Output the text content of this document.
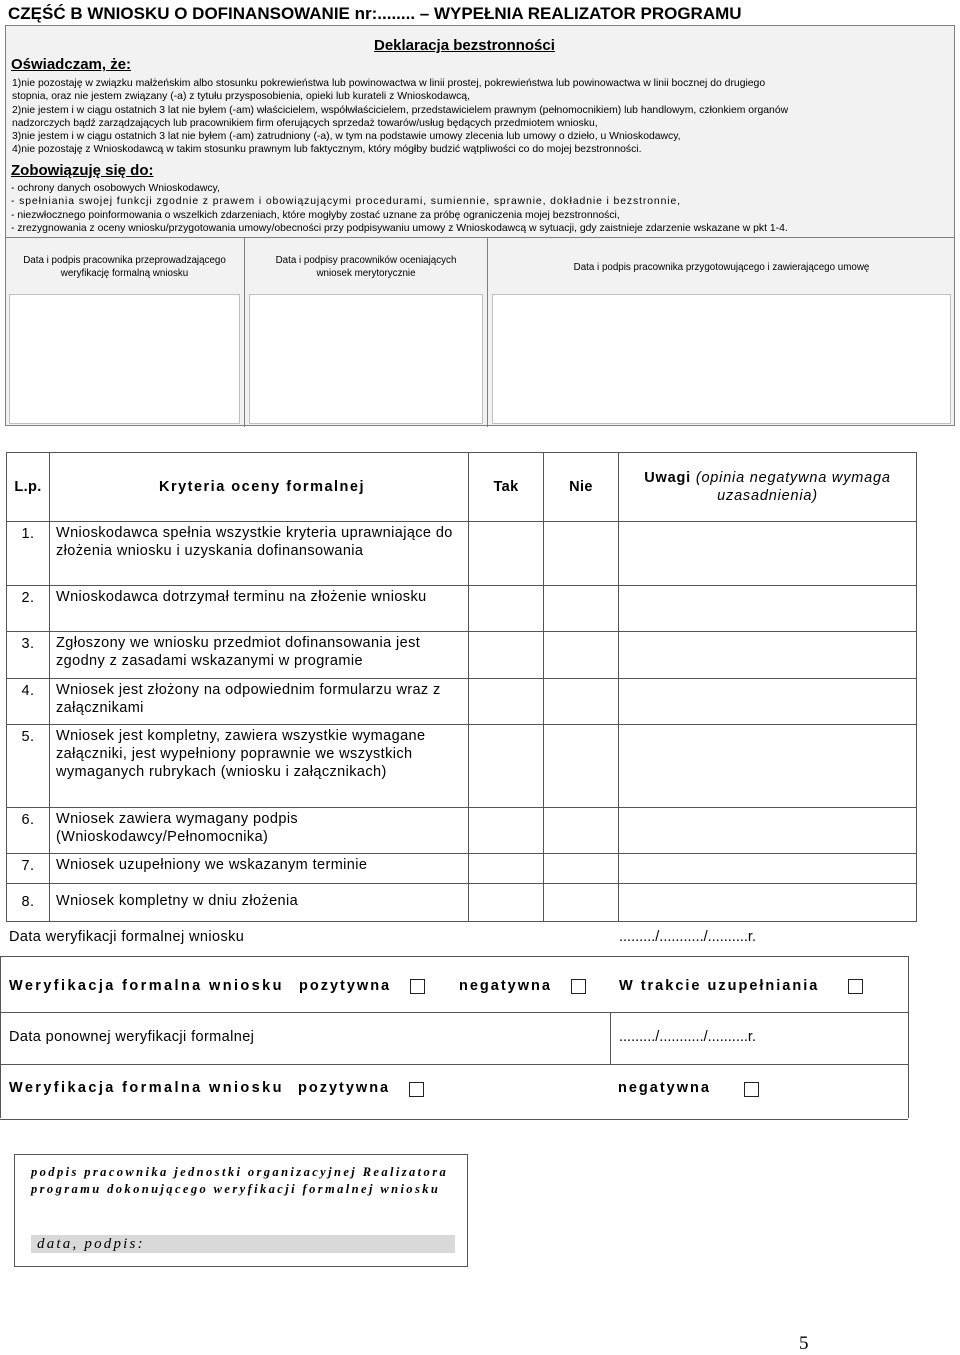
CZĘŚĆ B WNIOSKU O DOFINANSOWANIE nr:........ – WYPEŁNIA REALIZATOR PROGRAMU
Deklaracja bezstronności
Oświadczam, że:
1)nie pozostaję w związku małżeńskim albo stosunku pokrewieństwa lub powinowactwa w linii prostej, pokrewieństwa lub powinowactwa w linii bocznej do drugiego
stopnia, oraz nie jestem związany (-a) z tytułu przysposobienia, opieki lub kurateli z Wnioskodawcą,
2)nie jestem i w ciągu ostatnich 3 lat nie byłem (-am) właścicielem, współwłaścicielem, przedstawicielem prawnym (pełnomocnikiem) lub handlowym, członkiem organów
nadzorczych bądź zarządzających lub pracownikiem firm oferujących sprzedaż towarów/usług będących przedmiotem wniosku,
3)nie jestem i w ciągu ostatnich 3 lat nie byłem (-am) zatrudniony (-a), w tym na podstawie umowy zlecenia lub umowy o dzieło, u Wnioskodawcy,
4)nie pozostaję z Wnioskodawcą w takim stosunku prawnym lub faktycznym, który mógłby budzić wątpliwości co do mojej bezstronności.
Zobowiązuję się do:
- ochrony danych osobowych Wnioskodawcy,
- spełniania swojej funkcji zgodnie z prawem i obowiązującymi procedurami, sumiennie, sprawnie, dokładnie i bezstronnie,
- niezwłocznego poinformowania o wszelkich zdarzeniach, które mogłyby zostać uznane za próbę ograniczenia mojej bezstronności,
- zrezygnowania z oceny wniosku/przygotowania umowy/obecności przy podpisywaniu umowy z Wnioskodawcą w sytuacji, gdy zaistnieje zdarzenie wskazane w pkt 1-4.
Data i podpis pracownika przeprowadzającego
weryfikację formalną wniosku
Data i podpisy pracowników oceniających
wniosek merytorycznie	Data i podpis pracownika przygotowującego i zawierającego umowę
L.p.	Kryteria oceny formalnej	Tak	Nie	Uwagi (opinia negatywna wymaga
uzasadnienia)
1.	Wnioskodawca spełnia wszystkie kryteria uprawniające do złożenia wniosku i uzyskania dofinansowania			
2.	Wnioskodawca dotrzymał terminu na złożenie wniosku			
3.	Zgłoszony we wniosku przedmiot dofinansowania jest zgodny z zasadami wskazanymi w programie			
4.	Wniosek jest złożony na odpowiednim formularzu wraz z załącznikami			
5.	Wniosek jest kompletny, zawiera wszystkie wymagane załączniki, jest wypełniony poprawnie we wszystkich wymaganych rubrykach (wniosku i załącznikach)			
6.	Wniosek zawiera wymagany podpis (Wnioskodawcy/Pełnomocnika)			
7.	Wniosek uzupełniony we wskazanym terminie			
8.	Wniosek kompletny w dniu złożenia			
Data weryfikacji formalnej wniosku	........./.........../..........r.
Weryfikacja formalna wniosku pozytywna	negatywna	W trakcie uzupełniania
Data ponownej weryfikacji formalnej	........./.........../..........r.
Weryfikacja formalna wniosku pozytywna	negatywna
podpis pracownika jednostki organizacyjnej Realizatora
programu dokonującego weryfikacji formalnej wniosku
data, podpis:
5
